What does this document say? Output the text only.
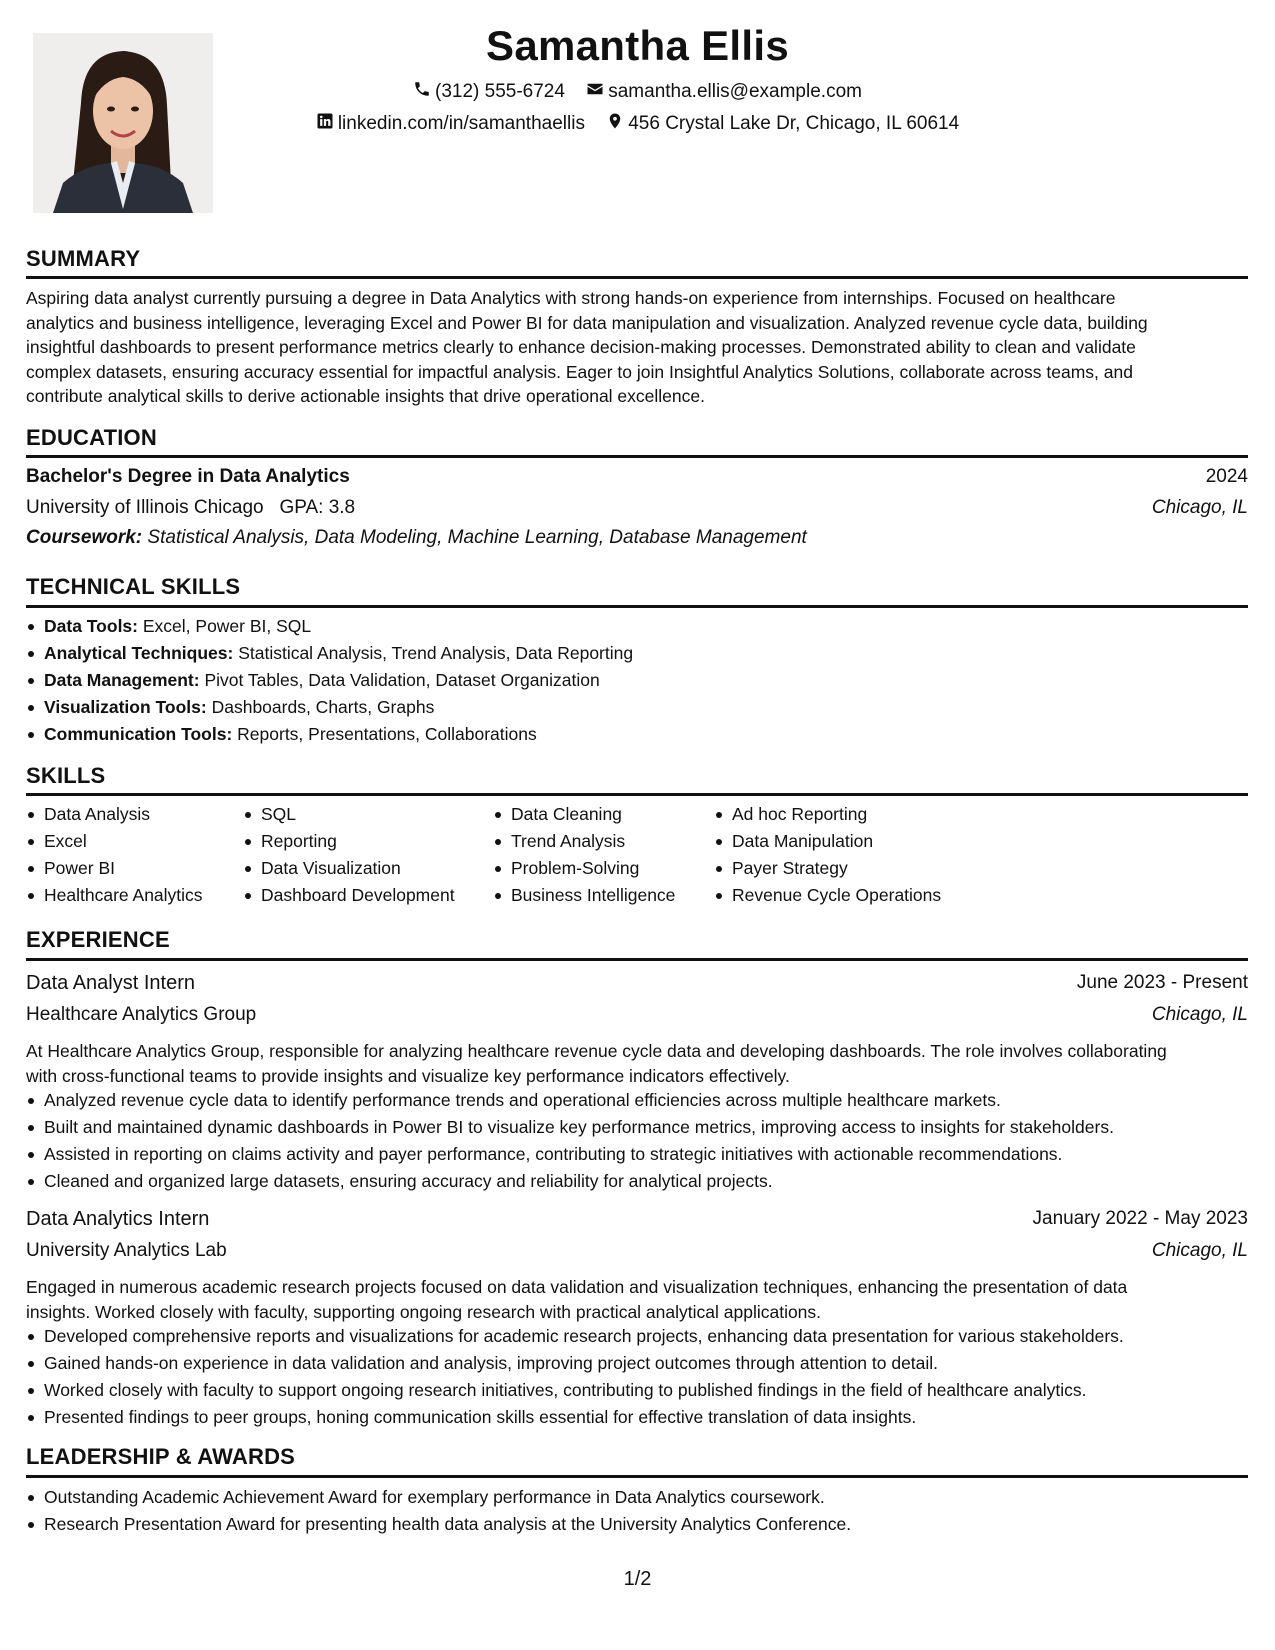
Samantha Ellis
(312) 555-6724
samantha.ellis@example.com
linkedin.com/in/samanthaellis
456 Crystal Lake Dr, Chicago, IL 60614
SUMMARY
Aspiring data analyst currently pursuing a degree in Data Analytics with strong hands-on experience from internships. Focused on healthcare
analytics and business intelligence, leveraging Excel and Power BI for data manipulation and visualization. Analyzed revenue cycle data, building
insightful dashboards to present performance metrics clearly to enhance decision-making processes. Demonstrated ability to clean and validate
complex datasets, ensuring accuracy essential for impactful analysis. Eager to join Insightful Analytics Solutions, collaborate across teams, and
contribute analytical skills to derive actionable insights that drive operational excellence.
EDUCATION
Bachelor's Degree in Data Analytics	2024
University of Illinois Chicago GPA: 3.8	Chicago, IL
Coursework: Statistical Analysis, Data Modeling, Machine Learning, Database Management
TECHNICAL SKILLS
Data Tools: Excel, Power BI, SQL
Analytical Techniques: Statistical Analysis, Trend Analysis, Data Reporting
Data Management: Pivot Tables, Data Validation, Dataset Organization
Visualization Tools: Dashboards, Charts, Graphs
Communication Tools: Reports, Presentations, Collaborations
SKILLS
Data Analysis
Excel
Power BI
Healthcare Analytics
SQL
Reporting
Data Visualization
Dashboard Development
Data Cleaning
Trend Analysis
Problem-Solving
Business Intelligence
Ad hoc Reporting
Data Manipulation
Payer Strategy
Revenue Cycle Operations
EXPERIENCE
Data Analyst Intern	June 2023 - Present
Healthcare Analytics Group	Chicago, IL
At Healthcare Analytics Group, responsible for analyzing healthcare revenue cycle data and developing dashboards. The role involves collaborating
with cross-functional teams to provide insights and visualize key performance indicators effectively.
Analyzed revenue cycle data to identify performance trends and operational efficiencies across multiple healthcare markets.
Built and maintained dynamic dashboards in Power BI to visualize key performance metrics, improving access to insights for stakeholders.
Assisted in reporting on claims activity and payer performance, contributing to strategic initiatives with actionable recommendations.
Cleaned and organized large datasets, ensuring accuracy and reliability for analytical projects.
Data Analytics Intern	January 2022 - May 2023
University Analytics Lab	Chicago, IL
Engaged in numerous academic research projects focused on data validation and visualization techniques, enhancing the presentation of data
insights. Worked closely with faculty, supporting ongoing research with practical analytical applications.
Developed comprehensive reports and visualizations for academic research projects, enhancing data presentation for various stakeholders.
Gained hands-on experience in data validation and analysis, improving project outcomes through attention to detail.
Worked closely with faculty to support ongoing research initiatives, contributing to published findings in the field of healthcare analytics.
Presented findings to peer groups, honing communication skills essential for effective translation of data insights.
LEADERSHIP & AWARDS
Outstanding Academic Achievement Award for exemplary performance in Data Analytics coursework.
Research Presentation Award for presenting health data analysis at the University Analytics Conference.
1/2
